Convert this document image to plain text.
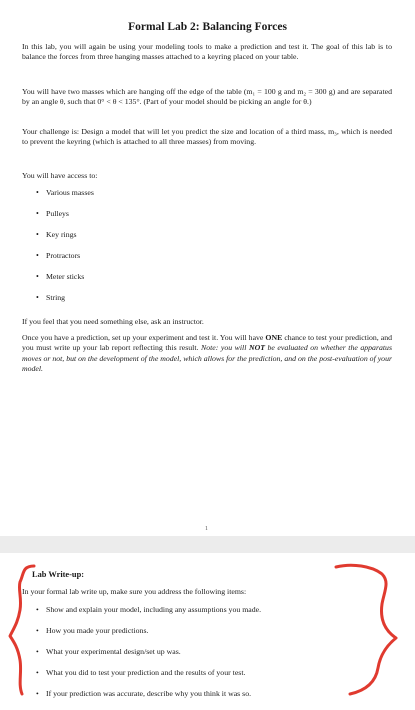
Formal Lab 2: Balancing Forces

In this lab, you will again be using your modeling tools to make a prediction and test it. The goal of this lab is to balance the forces from three hanging masses attached to a keyring placed on your table.

You will have two masses which are hanging off the edge of the table (m₁ = 100 g and m₂ = 300 g) and are separated by an angle θ, such that 0° < θ < 135°. (Part of your model should be picking an angle for θ.)

Your challenge is: Design a model that will let you predict the size and location of a third mass, m₃, which is needed to prevent the keyring (which is attached to all three masses) from moving.

You will have access to:

• Various masses
• Pulleys
• Key rings
• Protractors
• Meter sticks
• String

If you feel that you need something else, ask an instructor.

Once you have a prediction, set up your experiment and test it. You will have ONE chance to test your prediction, and you must write up your lab report reflecting this result. Note: you will NOT be evaluated on whether the apparatus moves or not, but on the development of the model, which allows for the prediction, and on the post-evaluation of your model.

1
Lab Write-up:
In your formal lab write up, make sure you address the following items:
• Show and explain your model, including any assumptions you made.
• How you made your predictions.
• What your experimental design/set up was.
• What you did to test your prediction and the results of your test.
• If your prediction was accurate, describe why you think it was so.
